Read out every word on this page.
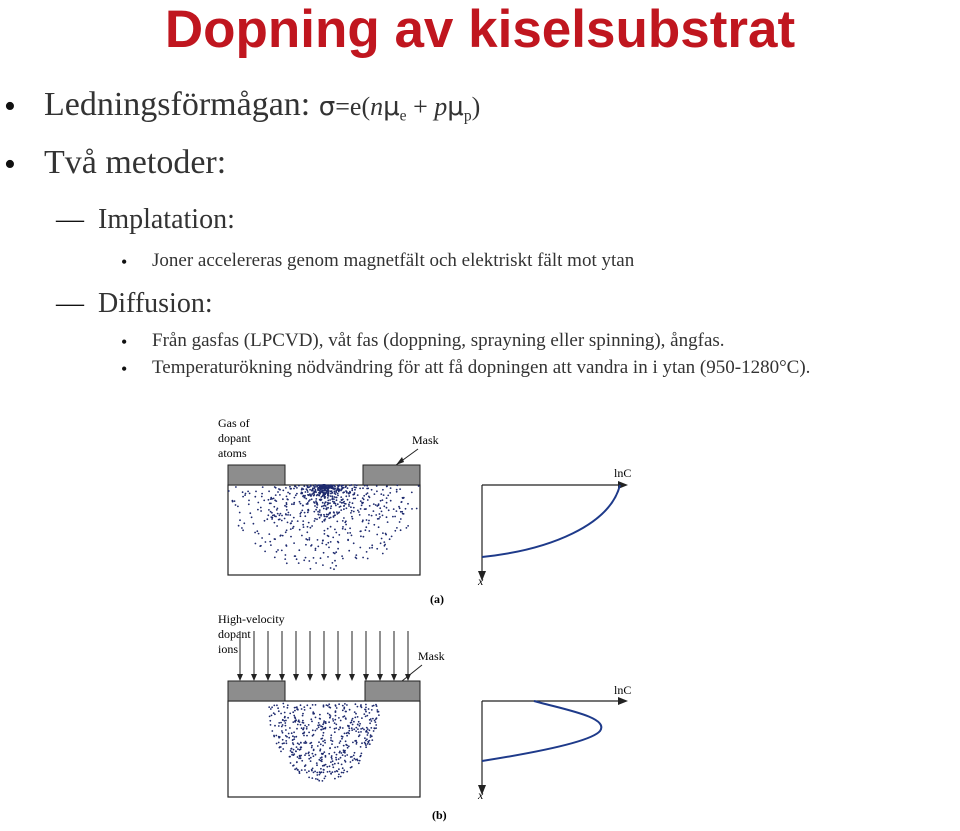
Dopning av kiselsubstrat
• Ledningsförmågan: $\sigma=e(n\mu_e + p\mu_p)$
• Två metoder:
— Implatation:
• Joner accelereras genom magnetfält och elektriskt fält mot ytan
— Diffusion:
• Från gasfas (LPCVD), våt fas (doppning, sprayning eller spinning), ångfas.
• Temperaturökning nödvändring för att få dopningen att vandra in i ytan (950-1280°C).
Gas of
dopant
atoms
Mask
lnC
x
(a)
High-velocity
dopant
ions	Mask
lnC
x
(b)
